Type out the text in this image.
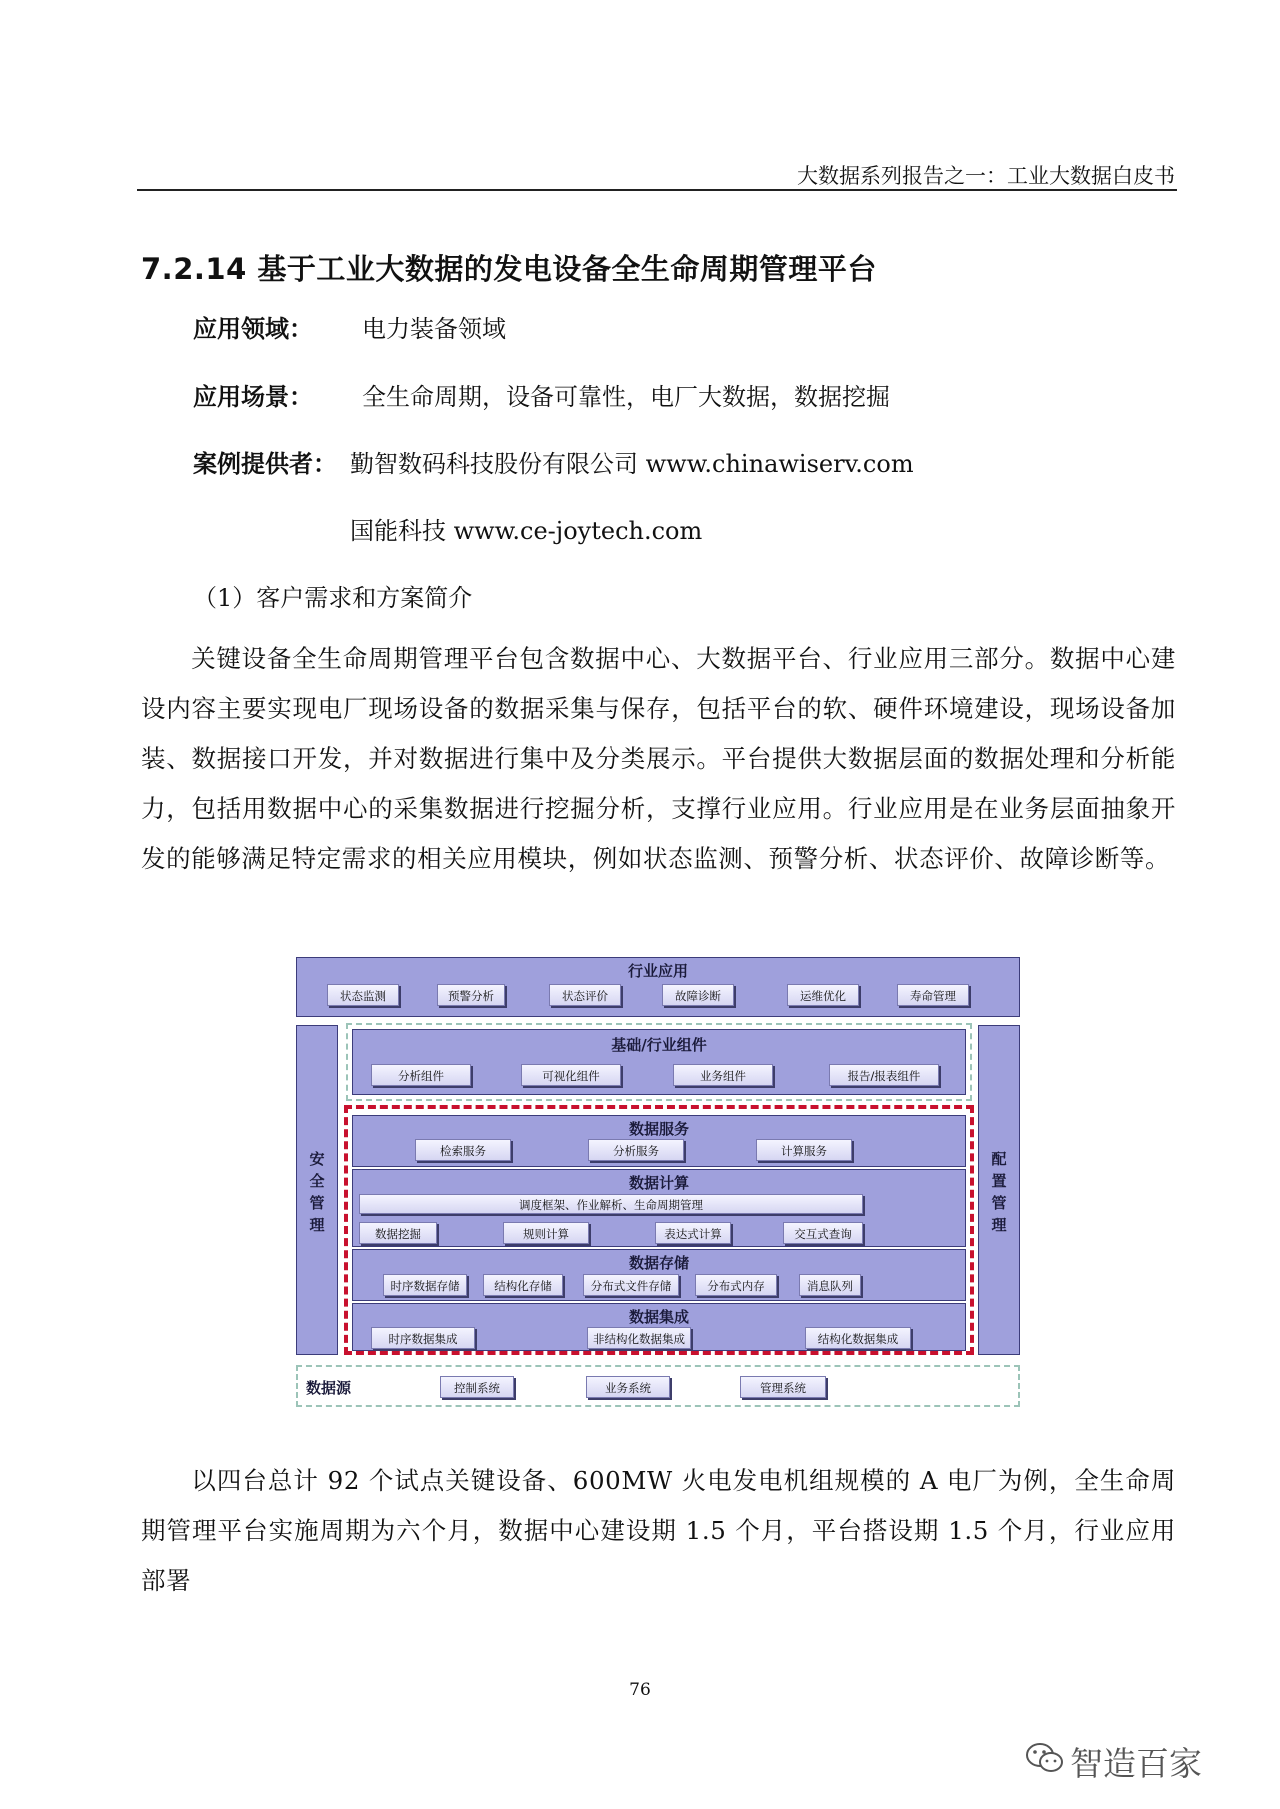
大数据系列报告之一：工业大数据白皮书
7.2.14 基于工业大数据的发电设备全生命周期管理平台
应用领域： 电力装备领域
应用场景： 全生命周期，设备可靠性，电厂大数据，数据挖掘
案例提供者： 勤智数码科技股份有限公司 www.chinawiserv.com
国能科技 www.ce-joytech.com
（1）客户需求和方案简介
关键设备全生命周期管理平台包含数据中心、大数据平台、行业应用三部分。数据中心建设内容主要实现电厂现场设备的数据采集与保存，包括平台的软、硬件环境建设，现场设备加装、数据接口开发，并对数据进行集中及分类展示。平台提供大数据层面的数据处理和分析能力，包括用数据中心的采集数据进行挖掘分析，支撑行业应用。行业应用是在业务层面抽象开发的能够满足特定需求的相关应用模块，例如状态监测、预警分析、状态评价、故障诊断等。
行业应用
状态监测	预警分析	状态评价	故障诊断	运维优化	寿命管理
安全管理
配置管理
基础/行业组件
分析组件	可视化组件	业务组件	报告/报表组件
数据服务
检索服务	分析服务	计算服务
数据计算
调度框架、作业解析、生命周期管理
数据挖掘	规则计算	表达式计算	交互式查询
数据存储
时序数据存储	结构化存储	分布式文件存储	分布式内存	消息队列
数据集成
时序数据集成	非结构化数据集成	结构化数据集成
数据源	控制系统	业务系统	管理系统
以四台总计 92 个试点关键设备、600MW 火电发电机组规模的 A 电厂为例，全生命周期管理平台实施周期为六个月，数据中心建设期 1.5 个月，平台搭设期 1.5 个月，行业应用部署
76
智造百家
